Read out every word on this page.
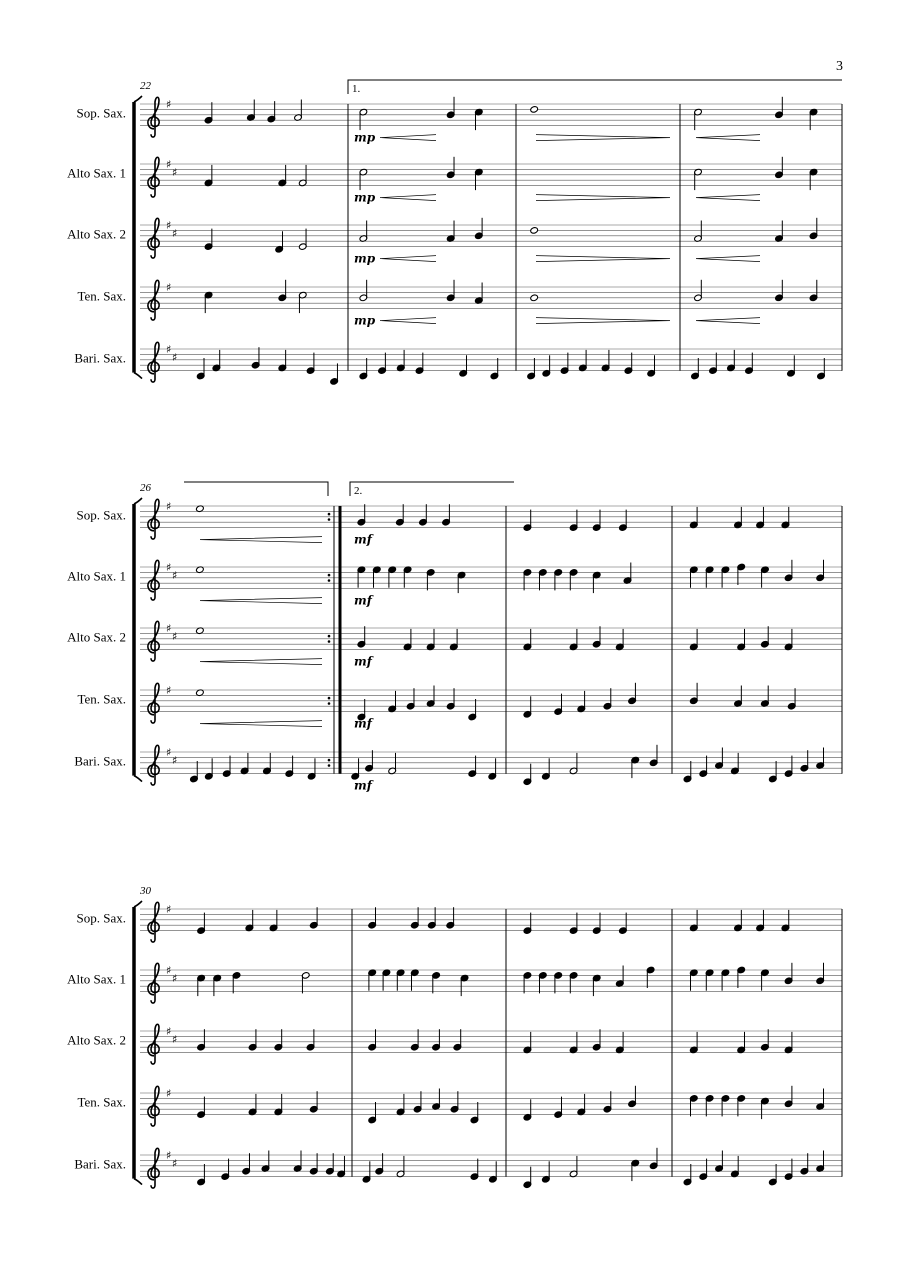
3
22
Sop. Sax.
♯
Alto Sax. 1
♯
♯
Alto Sax. 2
♯
♯
Ten. Sax.
♯
Bari. Sax.
♯
♯
1.
mp
mp
mp
mp
26
Sop. Sax.
♯
Alto Sax. 1
♯
♯
Alto Sax. 2
♯
♯
Ten. Sax.
♯
Bari. Sax.
♯
♯
2.
mf
mf
mf
mf
mf
30
Sop. Sax.
♯
Alto Sax. 1
♯
♯
Alto Sax. 2
♯
♯
Ten. Sax.
♯
Bari. Sax.
♯
♯
